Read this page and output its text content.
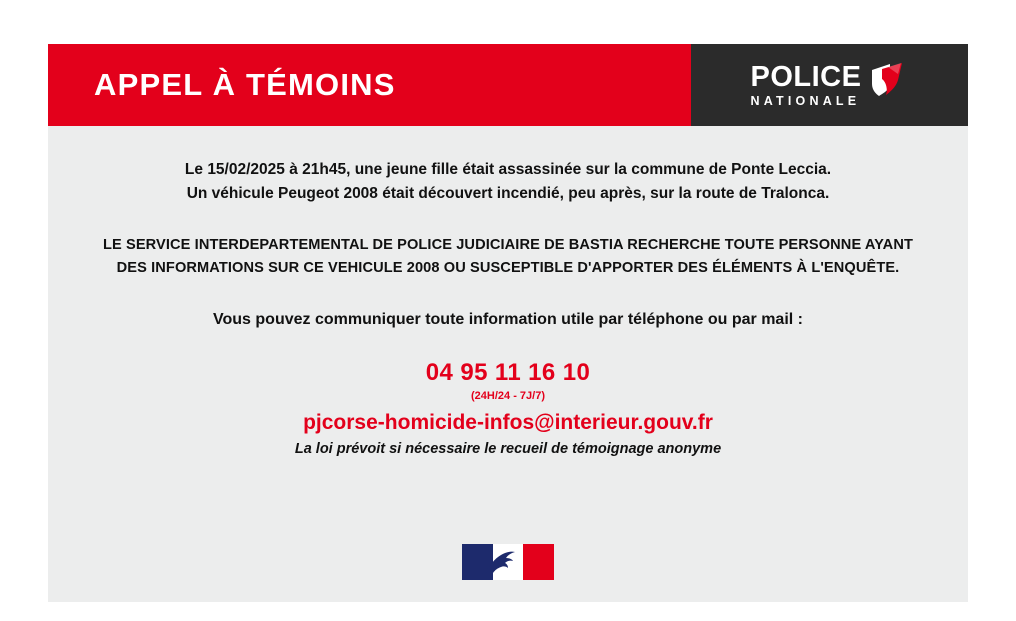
APPEL À TÉMOINS	POLICE
NATIONALE
Le 15/02/2025 à 21h45, une jeune fille était assassinée sur la commune de Ponte Leccia.
Un véhicule Peugeot 2008 était découvert incendié, peu après, sur la route de Tralonca.
LE SERVICE INTERDEPARTEMENTAL DE POLICE JUDICIAIRE DE BASTIA RECHERCHE TOUTE PERSONNE AYANT DES INFORMATIONS SUR CE VEHICULE 2008 OU SUSCEPTIBLE D'APPORTER DES ÉLÉMENTS À L'ENQUÊTE.
Vous pouvez communiquer toute information utile par téléphone ou par mail :
04 95 11 16 10
(24H/24 - 7J/7)
pjcorse-homicide-infos@interieur.gouv.fr
La loi prévoit si nécessaire le recueil de témoignage anonyme
